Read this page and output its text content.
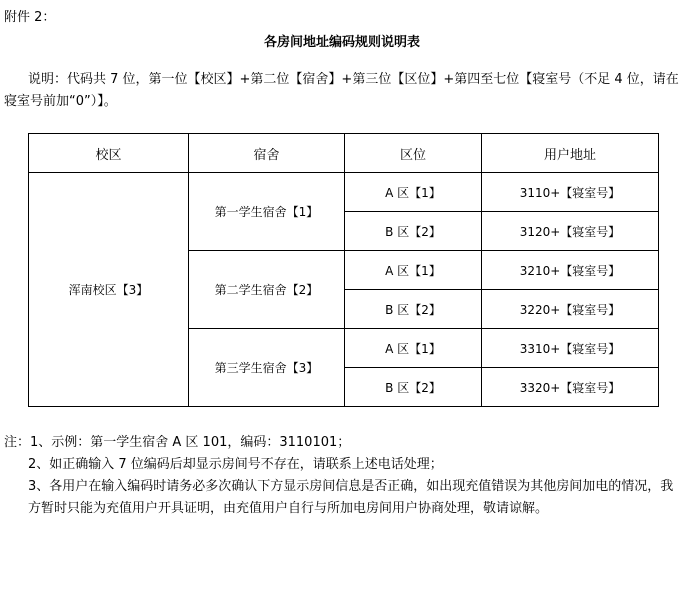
附件 2：
各房间地址编码规则说明表
说明：代码共 7 位，第一位【校区】+第二位【宿舍】+第三位【区位】+第四至七位【寝室号（不足 4 位，请在寝室号前加“0”）】。
校区	宿舍	区位	用户地址
浑南校区【3】	第一学生宿舍【1】	A 区【1】	3110+【寝室号】
		B 区【2】	3120+【寝室号】
	第二学生宿舍【2】	A 区【1】	3210+【寝室号】
		B 区【2】	3220+【寝室号】
	第三学生宿舍【3】	A 区【1】	3310+【寝室号】
		B 区【2】	3320+【寝室号】
注：1、示例：第一学生宿舍 A 区 101，编码：3110101；
2、如正确输入 7 位编码后却显示房间号不存在，请联系上述电话处理；
3、各用户在输入编码时请务必多次确认下方显示房间信息是否正确，如出现充值错误为其他房间加电的情况，我方暂时只能为充值用户开具证明，由充值用户自行与所加电房间用户协商处理，敬请谅解。
